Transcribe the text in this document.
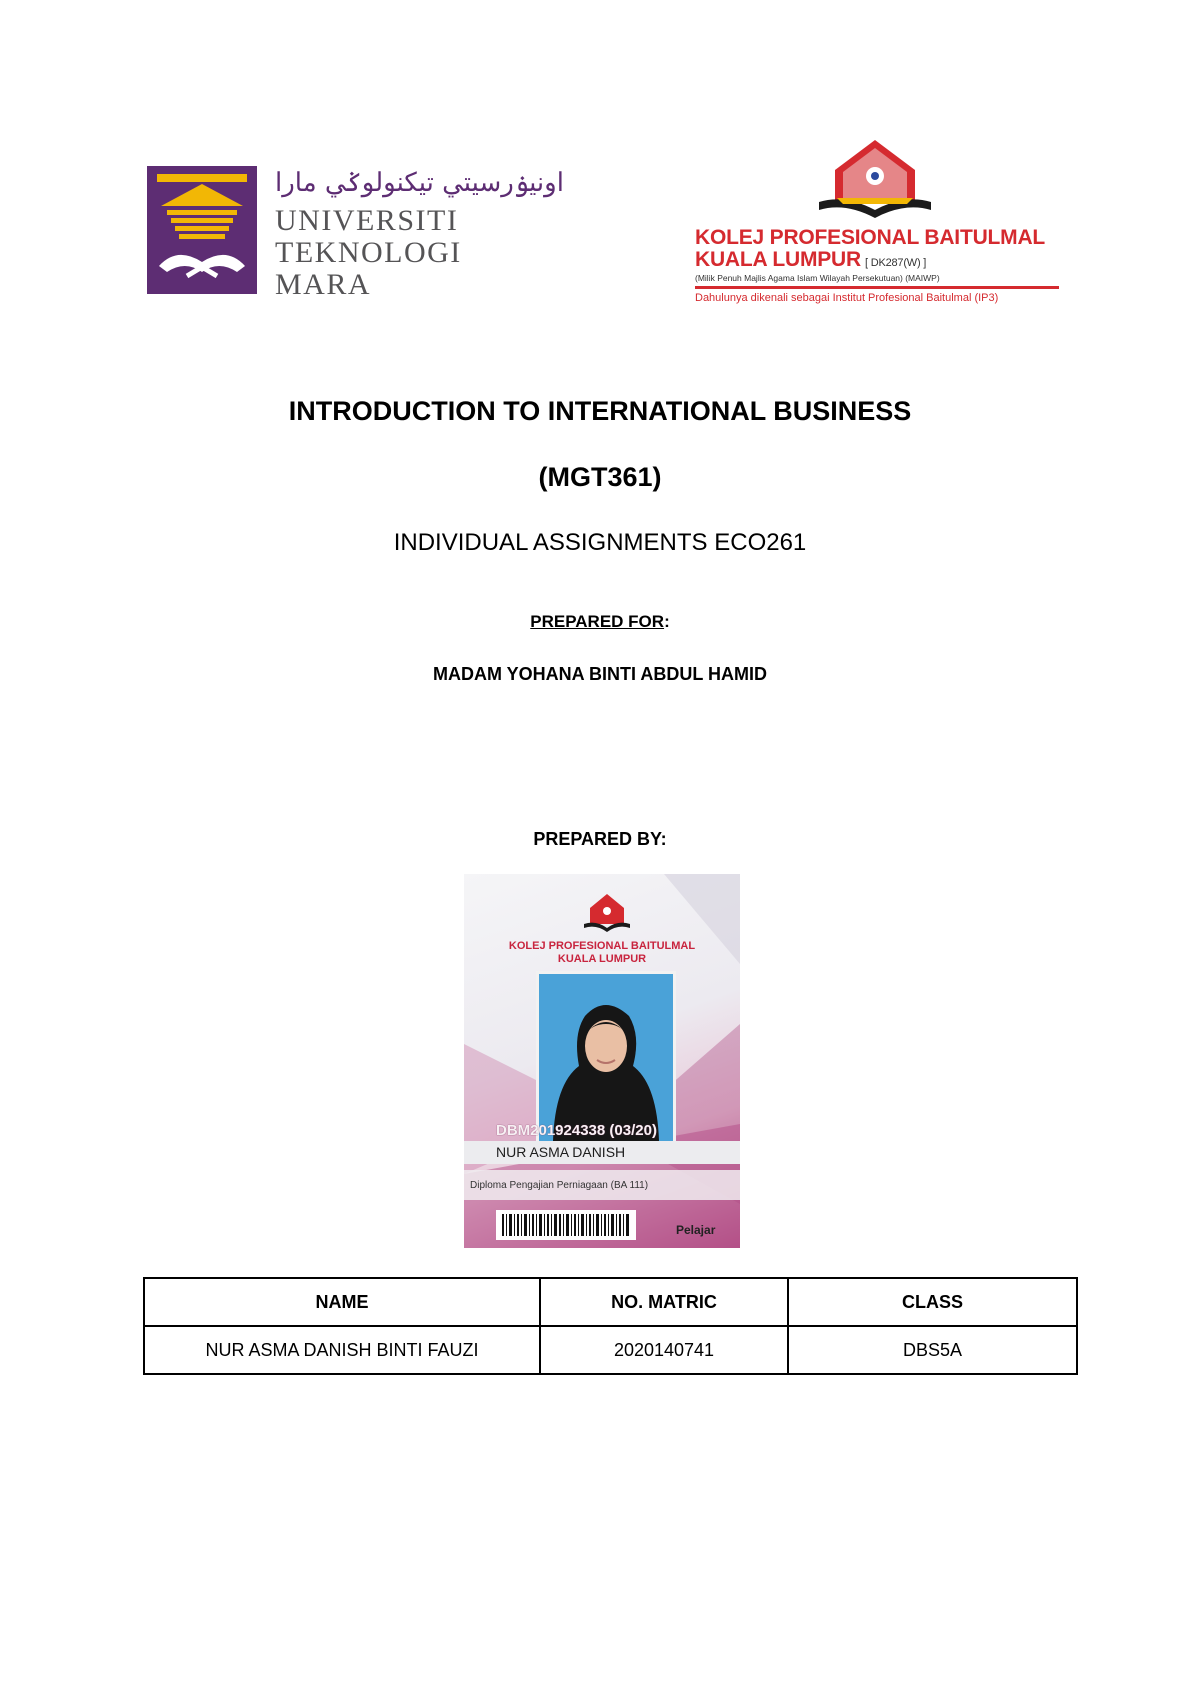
اونيۏرسيتي تيكنولوݢي مارا
UNIVERSITI
TEKNOLOGI
MARA
KOLEJ PROFESIONAL BAITULMAL
KUALA LUMPUR [ DK287(W) ]
(Milik Penuh Majlis Agama Islam Wilayah Persekutuan) (MAIWP)
Dahulunya dikenali sebagai Institut Profesional Baitulmal (IP3)
INTRODUCTION TO INTERNATIONAL BUSINESS
(MGT361)
INDIVIDUAL ASSIGNMENTS ECO261
PREPARED FOR:
MADAM YOHANA BINTI ABDUL HAMID
PREPARED BY:
KOLEJ PROFESIONAL BAITULMAL
KUALA LUMPUR
DBM201924338 (03/20)
NUR ASMA DANISH
Diploma Pengajian Perniagaan (BA 111)
Pelajar
NAME	NO. MATRIC	CLASS
NUR ASMA DANISH BINTI FAUZI	2020140741	DBS5A
